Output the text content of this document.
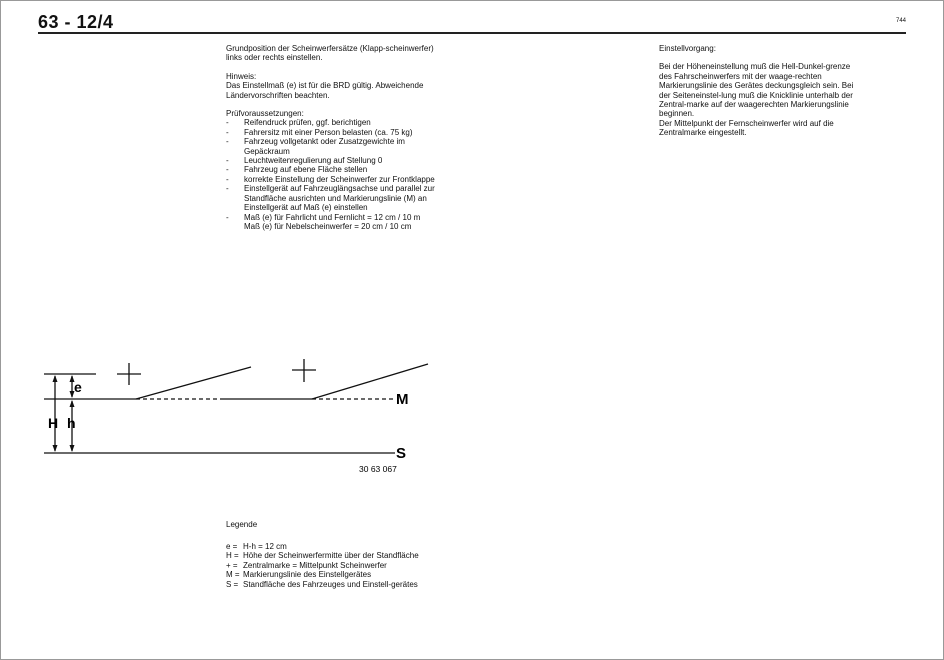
63 - 12/4	744

Grundposition der Scheinwerfersätze (Klapp-scheinwerfer) links oder rechts einstellen.

Hinweis:
Das Einstellmaß (e) ist für die BRD gültig. Abweichende Ländervorschriften beachten.

Prüfvoraussetzungen:
- Reifendruck prüfen, ggf. berichtigen
- Fahrersitz mit einer Person belasten (ca. 75 kg)
- Fahrzeug vollgetankt oder Zusatzgewichte im Gepäckraum
- Leuchtweitenregulierung auf Stellung 0
- Fahrzeug auf ebene Fläche stellen
- korrekte Einstellung der Scheinwerfer zur Frontklappe
- Einstellgerät auf Fahrzeuglängsachse und parallel zur Standfläche ausrichten und Markierungslinie (M) an Einstellgerät auf Maß (e) einstellen
- Maß (e) für Fahrlicht und Fernlicht = 12 cm / 10 m
Maß (e) für Nebelscheinwerfer = 20 cm / 10 cm

Einstellvorgang:

Bei der Höheneinstellung muß die Hell-Dunkel-grenze des Fahrscheinwerfers mit der waage-rechten Markierungslinie des Gerätes deckungsgleich sein. Bei der Seiteneinstel-lung muß die Knicklinie unterhalb der Zentral-marke auf der waagerechten Markierungslinie beginnen.
Der Mittelpunkt der Fernscheinwerfer wird auf die Zentralmarke eingestellt.
e
H h
M
S
30 63 067
Legende
e = H-h = 12 cm
H = Höhe der Scheinwerfermitte über der Standfläche
+ = Zentralmarke = Mittelpunkt Scheinwerfer
M = Markierungslinie des Einstellgerätes
S = Standfläche des Fahrzeuges und Einstell-gerätes
